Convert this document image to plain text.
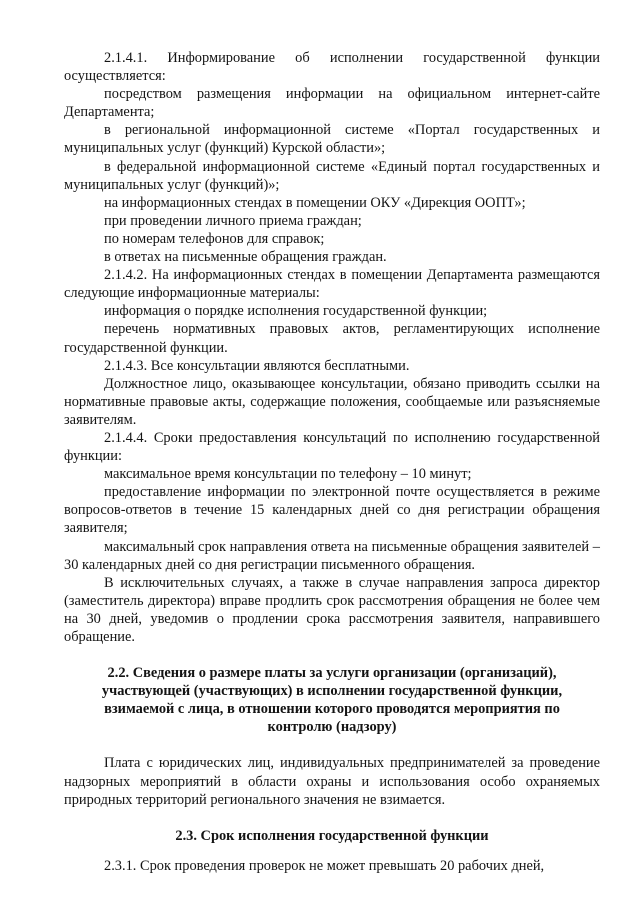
2.1.4.1. Информирование об исполнении государственной функции осуществляется:

посредством размещения информации на официальном интернет-сайте Департамента;

в региональной информационной системе «Портал государственных и муниципальных услуг (функций) Курской области»;

в федеральной информационной системе «Единый портал государственных и муниципальных услуг (функций)»;

на информационных стендах в помещении ОКУ «Дирекция ООПТ»;

при проведении личного приема граждан;

по номерам телефонов для справок;

в ответах на письменные обращения граждан.

2.1.4.2. На информационных стендах в помещении Департамента размещаются следующие информационные материалы:

информация о порядке исполнения государственной функции;

перечень нормативных правовых актов, регламентирующих исполнение государственной функции.

2.1.4.3. Все консультации являются бесплатными.

Должностное лицо, оказывающее консультации, обязано приводить ссылки на нормативные правовые акты, содержащие положения, сообщаемые или разъясняемые заявителям.

2.1.4.4. Сроки предоставления консультаций по исполнению государственной функции:

максимальное время консультации по телефону – 10 минут;

предоставление информации по электронной почте осуществляется в режиме вопросов-ответов в течение 15 календарных дней со дня регистрации обращения заявителя;

максимальный срок направления ответа на письменные обращения заявителей – 30 календарных дней со дня регистрации письменного обращения.

В исключительных случаях, а также в случае направления запроса директор (заместитель директора) вправе продлить срок рассмотрения обращения не более чем на 30 дней, уведомив о продлении срока рассмотрения заявителя, направившего обращение.

2.2. Сведения о размере платы за услуги организации (организаций), участвующей (участвующих) в исполнении государственной функции, взимаемой с лица, в отношении которого проводятся мероприятия по контролю (надзору)

Плата с юридических лиц, индивидуальных предпринимателей за проведение надзорных мероприятий в области охраны и использования особо охраняемых природных территорий регионального значения не взимается.

2.3. Срок исполнения государственной функции

2.3.1. Срок проведения проверок не может превышать 20 рабочих дней,
